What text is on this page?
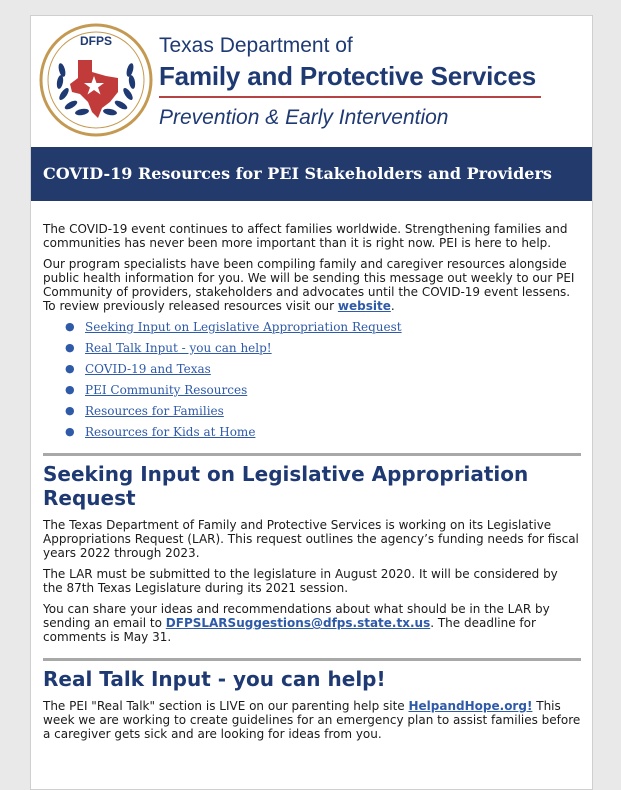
DFPS Texas Department of
Family and Protective Services
Prevention & Early Intervention
COVID-19 Resources for PEI Stakeholders and Providers

The COVID-19 event continues to affect families worldwide. Strengthening families and communities has never been more important than it is right now. PEI is here to help.

Our program specialists have been compiling family and caregiver resources alongside public health information for you. We will be sending this message out weekly to our PEI Community of providers, stakeholders and advocates until the COVID-19 event lessens. To review previously released resources visit our website.

● Seeking Input on Legislative Appropriation Request
● Real Talk Input - you can help!
● COVID-19 and Texas
● PEI Community Resources
● Resources for Families
● Resources for Kids at Home
Seeking Input on Legislative Appropriation Request

The Texas Department of Family and Protective Services is working on its Legislative Appropriations Request (LAR). This request outlines the agency’s funding needs for fiscal years 2022 through 2023.

The LAR must be submitted to the legislature in August 2020. It will be considered by the 87th Texas Legislature during its 2021 session.

You can share your ideas and recommendations about what should be in the LAR by sending an email to DFPSLARSuggestions@dfps.state.tx.us. The deadline for comments is May 31.

Real Talk Input - you can help!

The PEI "Real Talk" section is LIVE on our parenting help site HelpandHope.org! This week we are working to create guidelines for an emergency plan to assist families before a caregiver gets sick and are looking for ideas from you.
